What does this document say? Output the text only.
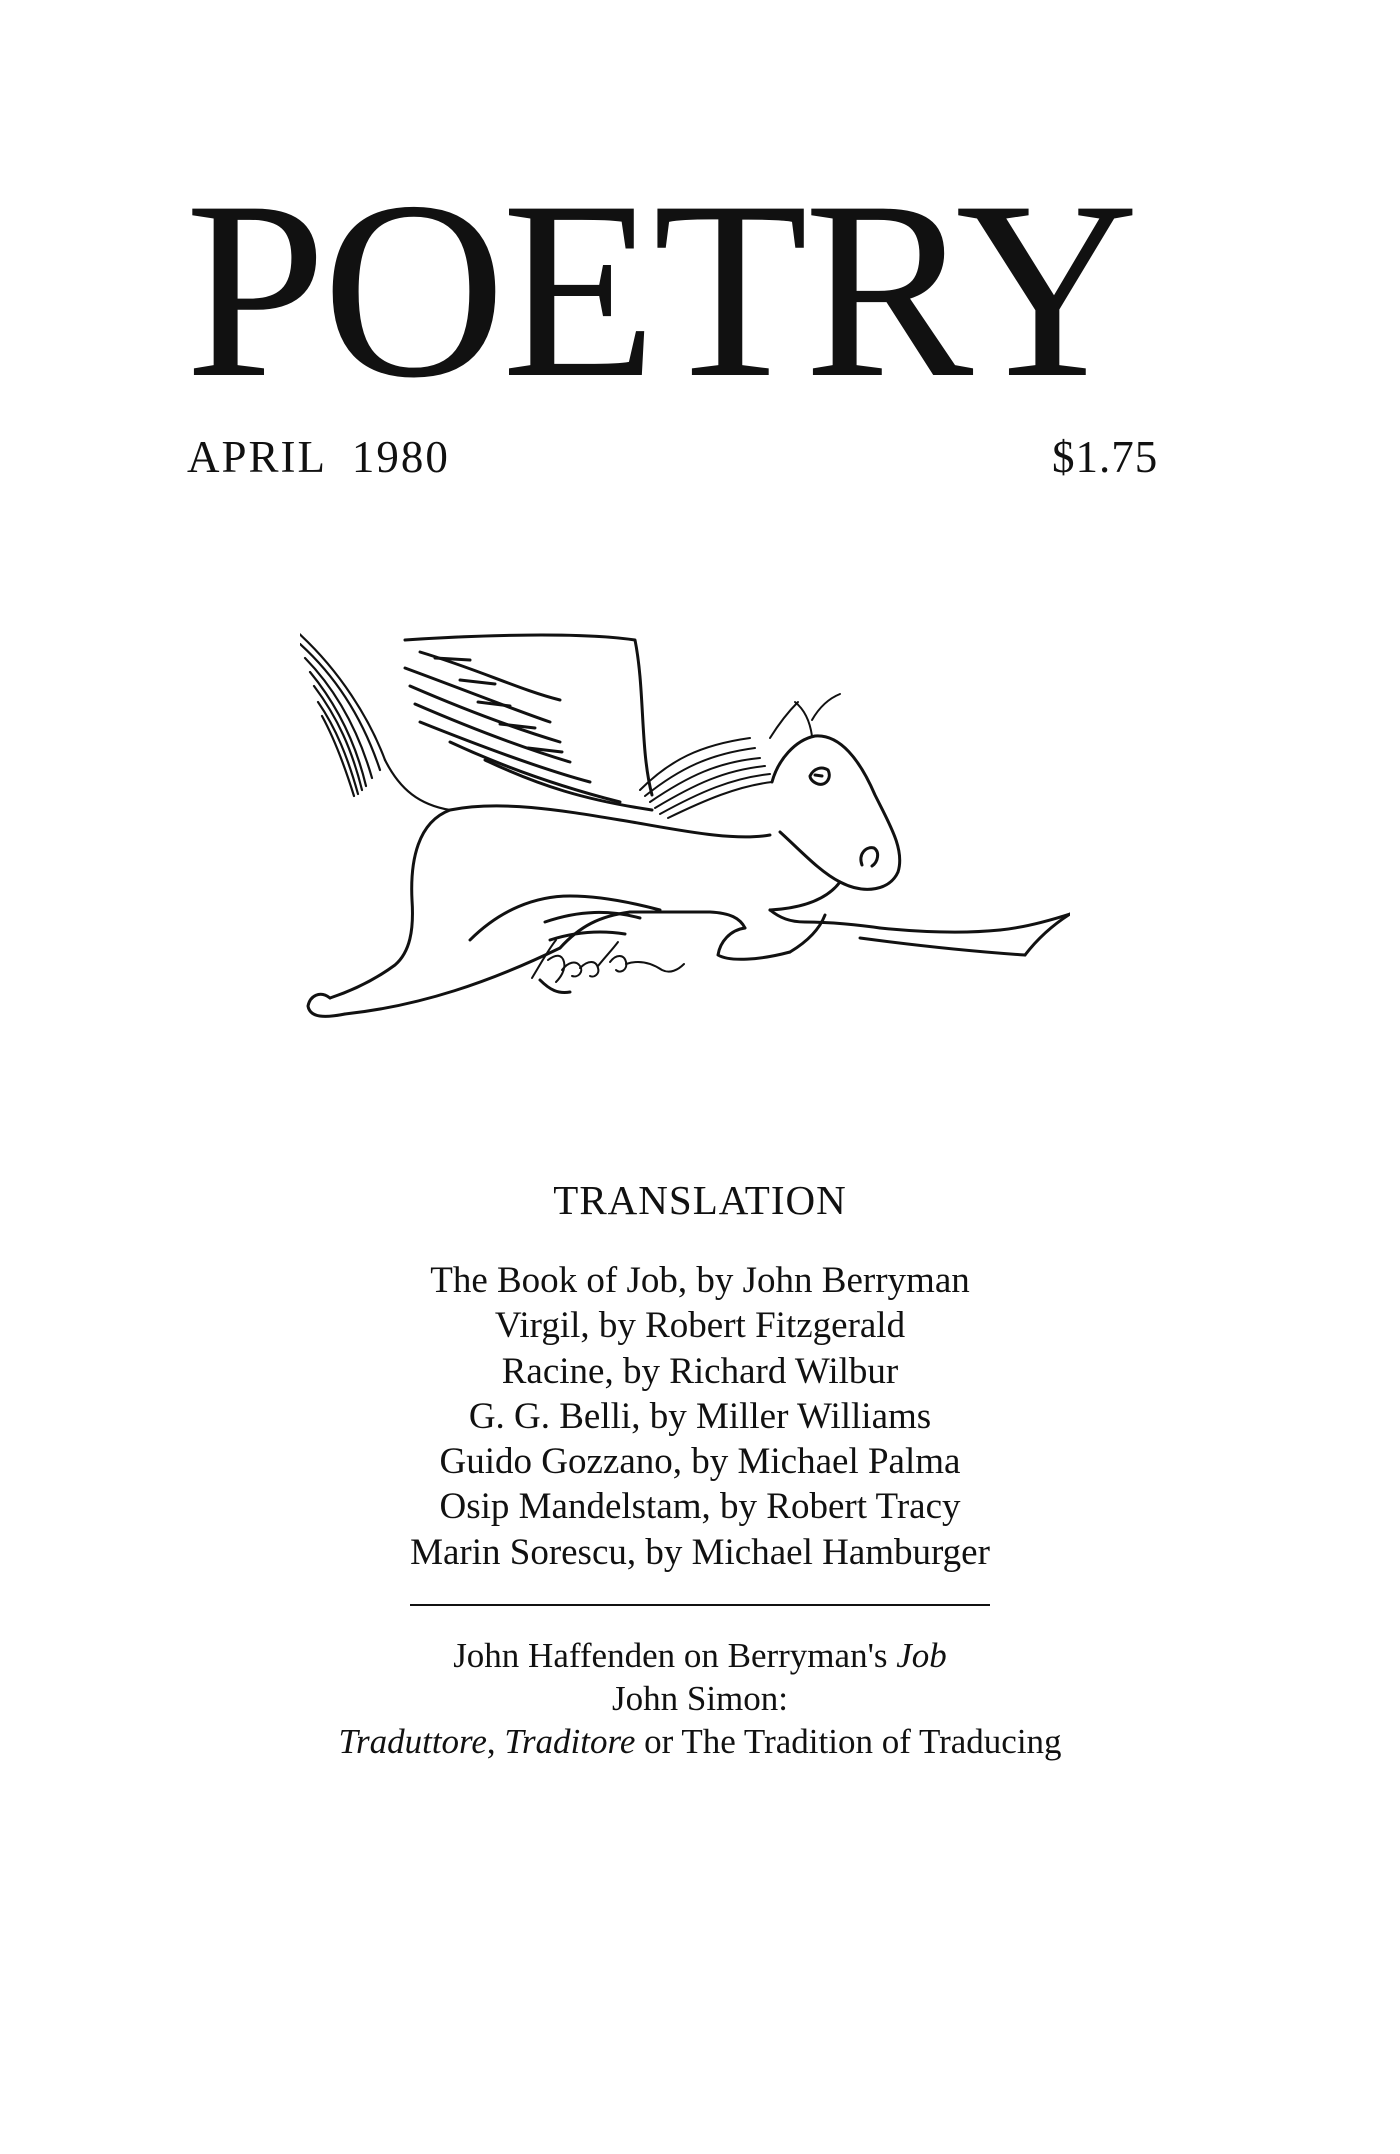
POETRY
APRIL  1980	$1.75
TRANSLATION
The Book of Job, by John Berryman
Virgil, by Robert Fitzgerald
Racine, by Richard Wilbur
G. G. Belli, by Miller Williams
Guido Gozzano, by Michael Palma
Osip Mandelstam, by Robert Tracy
Marin Sorescu, by Michael Hamburger
John Haffenden on Berryman's Job
John Simon:
Traduttore, Traditore or The Tradition of Traducing
